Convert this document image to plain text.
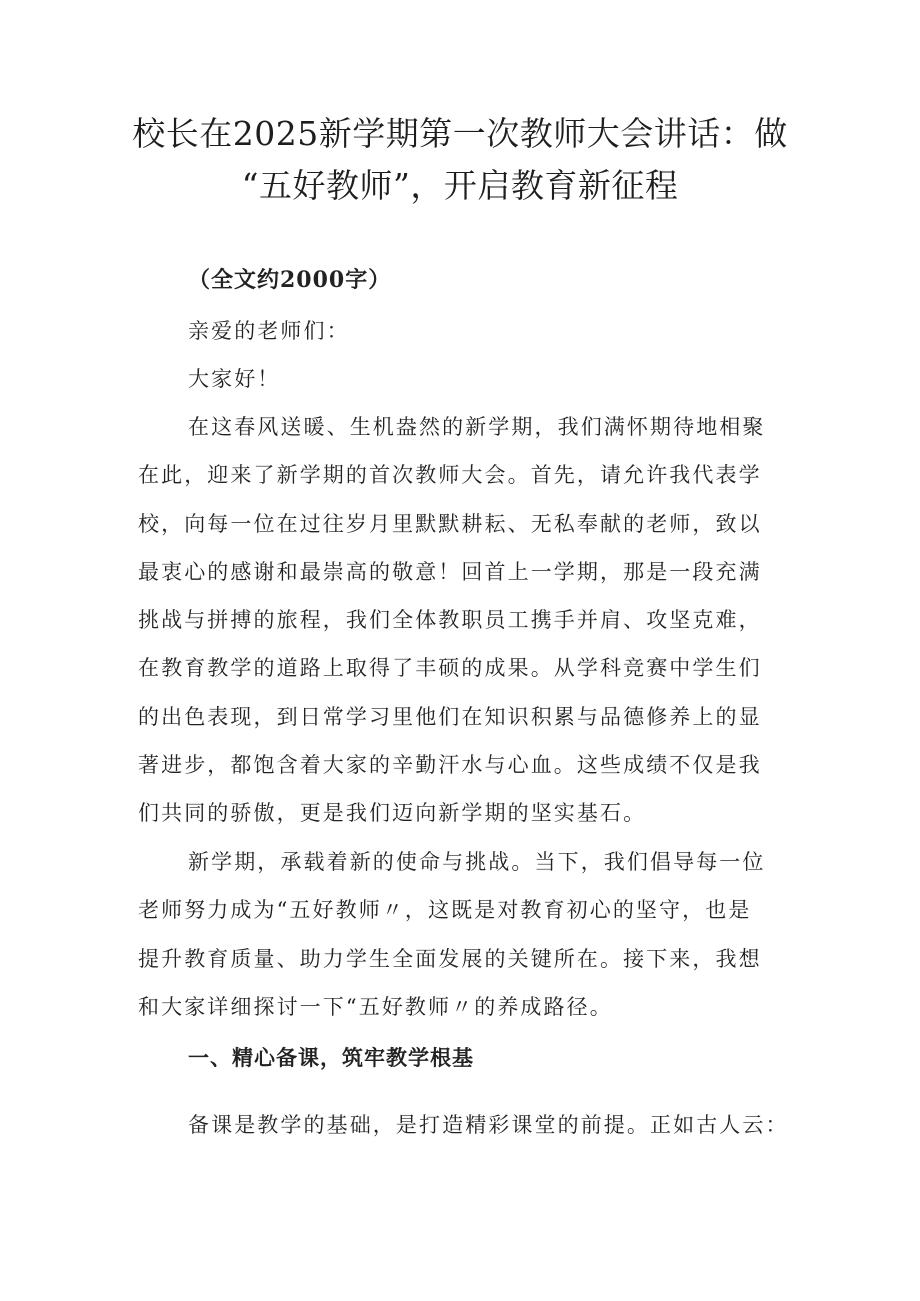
校长在2025新学期第一次教师大会讲话：做
“五好教师”，开启教育新征程
（全文约2000字）
亲爱的老师们：
大家好！
在这春风送暖、生机盎然的新学期，我们满怀期待地相聚
在此，迎来了新学期的首次教师大会。首先，请允许我代表学
校，向每一位在过往岁月里默默耕耘、无私奉献的老师，致以
最衷心的感谢和最崇高的敬意！回首上一学期，那是一段充满
挑战与拼搏的旅程，我们全体教职员工携手并肩、攻坚克难，
在教育教学的道路上取得了丰硕的成果。从学科竞赛中学生们
的出色表现，到日常学习里他们在知识积累与品德修养上的显
著进步，都饱含着大家的辛勤汗水与心血。这些成绩不仅是我
们共同的骄傲，更是我们迈向新学期的坚实基石。
新学期，承载着新的使命与挑战。当下，我们倡导每一位
老师努力成为“五好教师〃，这既是对教育初心的坚守，也是
提升教育质量、助力学生全面发展的关键所在。接下来，我想
和大家详细探讨一下“五好教师〃的养成路径。
一、精心备课，筑牢教学根基
备课是教学的基础，是打造精彩课堂的前提。正如古人云：
